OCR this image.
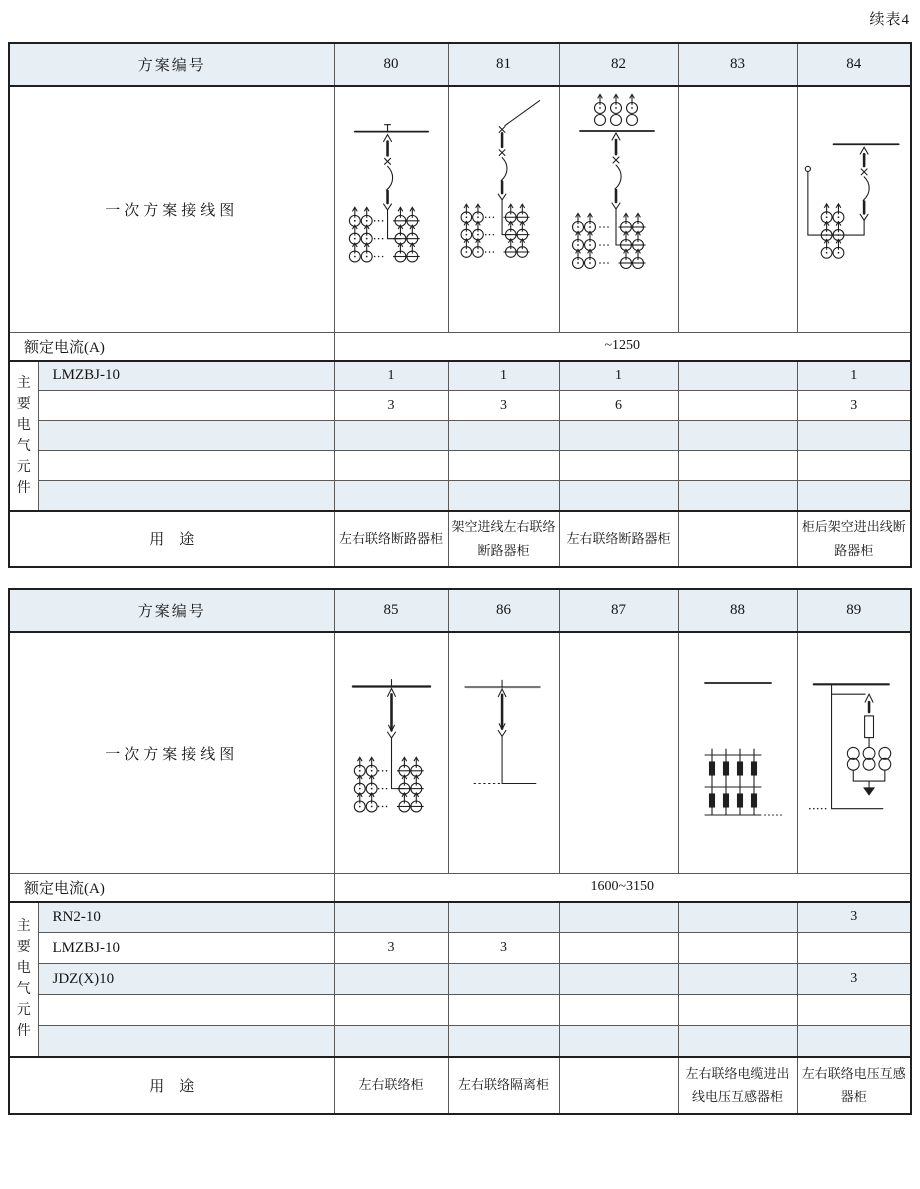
续表4
方案编号		80	81	82	83	84
一次方案接线图	

额定电流(A)		~1250				

主要电气元件	LMZBJ-10	1	1	1		1
		3	3	6		3

用　途		左右联络断路器柜	架空进线左右联络断路器柜	左右联络断路器柜		柜后架空进出线断路器柜
方案编号		85	86	87	88	89
一次方案接线图	

额定电流(A)		1600~3150				

主要电气元件	RN2-10					3
	LMZBJ-10	3	3			
	JDZ(X)10					3

用　途		左右联络柜	左右联络隔离柜		左右联络电缆进出线电压互感器柜	左右联络电压互感器柜
